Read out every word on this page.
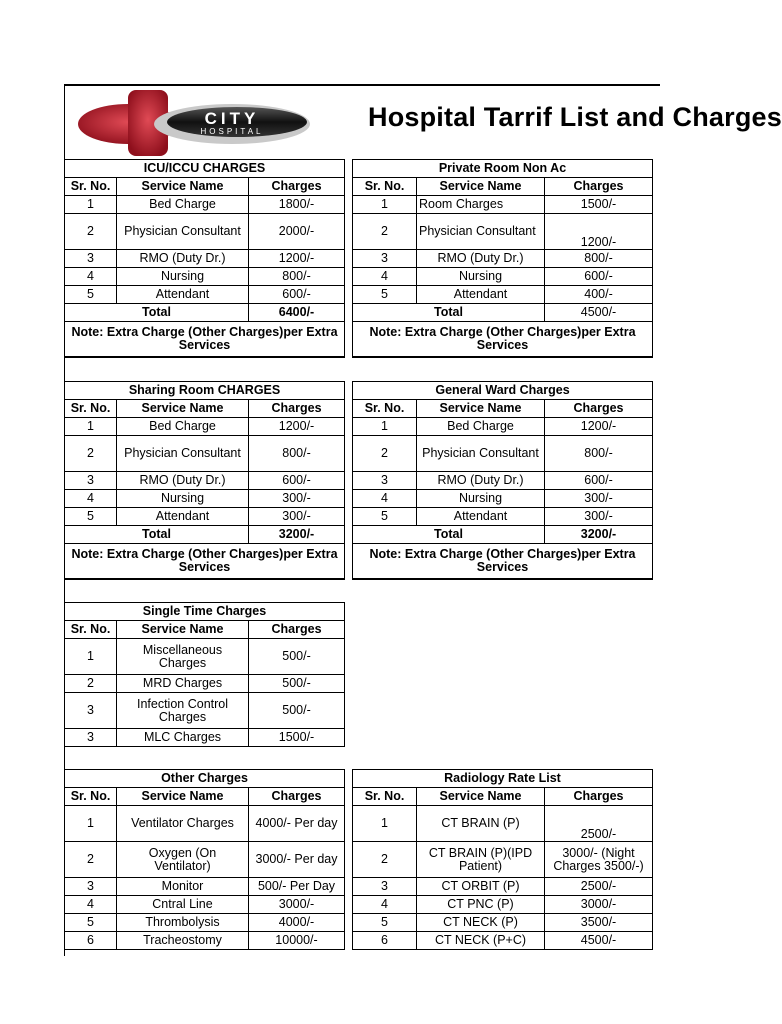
CITY
HOSPITAL	Hospital Tarrif List and Charges
ICU/ICCU CHARGES		
Sr. No.	Service Name	Charges
1	Bed Charge	1800/-
2	Physician Consultant	2000/-
3	RMO (Duty Dr.)	1200/-
4	Nursing	800/-
5	Attendant	600/-
Total		6400/-
Note: Extra Charge (Other Charges)per Extra Services		
Private Room Non Ac		
Sr. No.	Service Name	Charges
1	Room Charges	1500/-
2	Physician Consultant	1200/-
3	RMO (Duty Dr.)	800/-
4	Nursing	600/-
5	Attendant	400/-
Total		4500/-
Note: Extra Charge (Other Charges)per Extra Services		
Sharing Room CHARGES		
Sr. No.	Service Name	Charges
1	Bed Charge	1200/-
2	Physician Consultant	800/-
3	RMO (Duty Dr.)	600/-
4	Nursing	300/-
5	Attendant	300/-
Total		3200/-
Note: Extra Charge (Other Charges)per Extra Services		
General Ward Charges		
Sr. No.	Service Name	Charges
1	Bed Charge	1200/-
2	Physician Consultant	800/-
3	RMO (Duty Dr.)	600/-
4	Nursing	300/-
5	Attendant	300/-
Total		3200/-
Note: Extra Charge (Other Charges)per Extra Services		
Single Time Charges		
Sr. No.	Service Name	Charges
1	Miscellaneous Charges	500/-
2	MRD Charges	500/-
3	Infection Control Charges	500/-
3	MLC Charges	1500/-
Other Charges		
Sr. No.	Service Name	Charges
1	Ventilator Charges	4000/- Per day
2	Oxygen (On Ventilator)	3000/- Per day
3	Monitor	500/- Per Day
4	Cntral Line	3000/-
5	Thrombolysis	4000/-
6	Tracheostomy	10000/-
Radiology Rate List		
Sr. No.	Service Name	Charges
1	CT BRAIN (P)	2500/-
2	CT BRAIN (P)(IPD Patient)	3000/- (Night Charges 3500/-)
3	CT ORBIT (P)	2500/-
4	CT PNC (P)	3000/-
5	CT NECK (P)	3500/-
6	CT NECK (P+C)	4500/-
